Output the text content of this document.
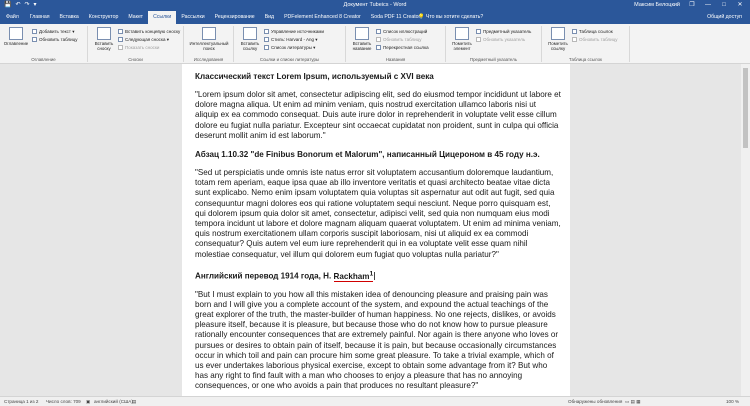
💾 ↶ ↷ ▾	Документ Tubeics - Word	Максим Белоцкий	❐	—	□	✕
Файл	Главная	Вставка	Конструктор	Макет	Ссылки	Рассылки	Рецензирование	Вид	PDFelement Enhanced 8 Creator	Soda PDF 11 Creator
💡 Что вы хотите сделать?	Общий доступ
Оглавление
Добавить текст ▾
Обновить таблицу
Оглавление
Вставить сноску
Вставить концевую сноску
Следующая сноска ▾
Показать сноски
Сноски
Интеллектуальный поиск
Исследования
Вставить ссылку
Управление источниками
Стиль: Harvard - Ang ▾
Список литературы ▾
Ссылки и списки литературы
Вставить название
Список иллюстраций
Обновить таблицу
Перекрестная ссылка
Названия
Пометить элемент
Предметный указатель
Обновить указатель
Предметный указатель
Пометить ссылку
Таблица ссылок
Обновить таблицу
Таблица ссылок
Классический текст Lorem Ipsum, используемый с XVI века

"Lorem ipsum dolor sit amet, consectetur adipiscing elit, sed do eiusmod tempor incididunt ut labore et dolore magna aliqua. Ut enim ad minim veniam, quis nostrud exercitation ullamco laboris nisi ut aliquip ex ea commodo consequat. Duis aute irure dolor in reprehenderit in voluptate velit esse cillum dolore eu fugiat nulla pariatur. Excepteur sint occaecat cupidatat non proident, sunt in culpa qui officia deserunt mollit anim id est laborum."

Абзац 1.10.32 "de Finibus Bonorum et Malorum", написанный Цицероном в 45 году н.э.

"Sed ut perspiciatis unde omnis iste natus error sit voluptatem accusantium doloremque laudantium, totam rem aperiam, eaque ipsa quae ab illo inventore veritatis et quasi architecto beatae vitae dicta sunt explicabo. Nemo enim ipsam voluptatem quia voluptas sit aspernatur aut odit aut fugit, sed quia consequuntur magni dolores eos qui ratione voluptatem sequi nesciunt. Neque porro quisquam est, qui dolorem ipsum quia dolor sit amet, consectetur, adipisci velit, sed quia non numquam eius modi tempora incidunt ut labore et dolore magnam aliquam quaerat voluptatem. Ut enim ad minima veniam, quis nostrum exercitationem ullam corporis suscipit laboriosam, nisi ut aliquid ex ea commodi consequatur? Quis autem vel eum iure reprehenderit qui in ea voluptate velit esse quam nihil molestiae consequatur, vel illum qui dolorem eum fugiat quo voluptas nulla pariatur?"

Английский перевод 1914 года, H. Rackham$^1$

"But I must explain to you how all this mistaken idea of denouncing pleasure and praising pain was born and I will give you a complete account of the system, and expound the actual teachings of the great explorer of the truth, the master-builder of human happiness. No one rejects, dislikes, or avoids pleasure itself, because it is pleasure, but because those who do not know how to pursue pleasure rationally encounter consequences that are extremely painful. Nor again is there anyone who loves or pursues or desires to obtain pain of itself, because it is pain, but because occasionally circumstances occur in which toil and pain can procure him some great pleasure. To take a trivial example, which of us ever undertakes laborious physical exercise, except to obtain some advantage from it? But who has any right to find fault with a man who chooses to enjoy a pleasure that has no annoying consequences, or one who avoids a pain that produces no resultant pleasure?"

Страница 1 из 2 Число слов: 709 ▣ английский (США) ▤	Обнаружены обновления ▭ ▤ ▦	100 %
